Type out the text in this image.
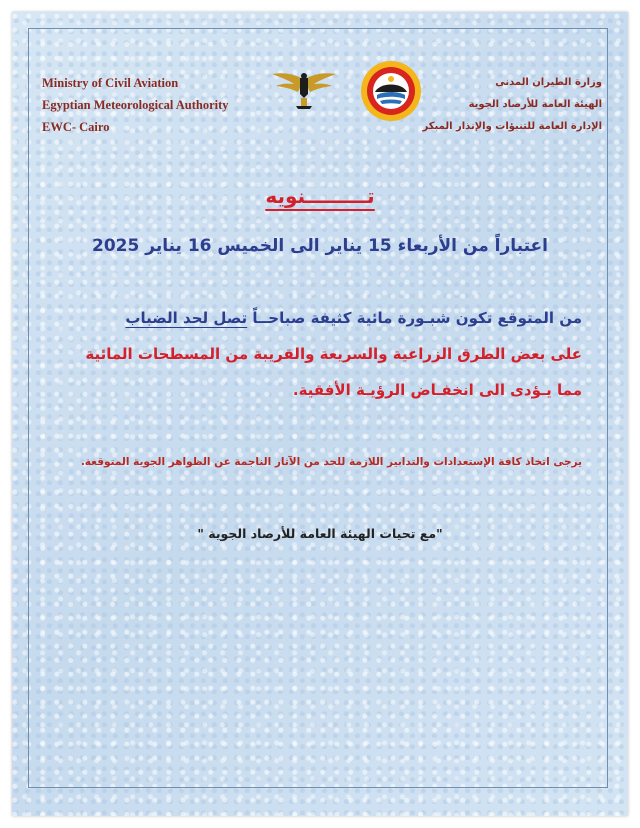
Ministry of Civil Aviation
Egyptian Meteorological Authority
EWC- Cairo
وزارة الطيران المدنى
الهيئة العامة للأرصاد الجوية
الإدارة العامة للتنبؤات والإنذار المبكر
تـــــــــنويه
اعتباراً من الأربعاء 15 يناير الى الخميس 16 يناير 2025
من المتوقع تكون شبـورة مائية كثيفة صباحــاً تصل لحد الضباب
على بعض الطرق الزراعية والسريعة والقريبة من المسطحات المائية
مما يـؤدى الى انخفـاض الرؤيـة الأفقية.
يرجى اتخاذ كافة الإستعدادات والتدابير اللازمة للحد من الآثار الناجمة عن الظواهر الجوية المتوقعة.
"مع تحيات الهيئة العامة للأرصاد الجوية "
